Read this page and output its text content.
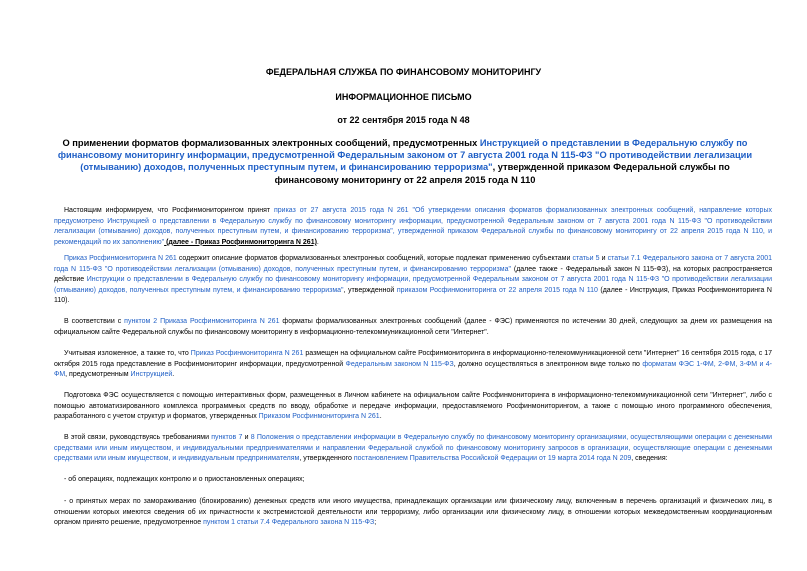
ФЕДЕРАЛЬНАЯ СЛУЖБА ПО ФИНАНСОВОМУ МОНИТОРИНГУ
ИНФОРМАЦИОННОЕ ПИСЬМО
от 22 сентября 2015 года N 48
О применении форматов формализованных электронных сообщений, предусмотренных Инструкцией о представлении в Федеральную службу по финансовому мониторингу информации, предусмотренной Федеральным законом от 7 августа 2001 года N 115-ФЗ "О противодействии легализации (отмыванию) доходов, полученных преступным путем, и финансированию терроризма", утвержденной приказом Федеральной службы по финансовому мониторингу от 22 апреля 2015 года N 110
Настоящим информируем, что Росфинмониторингом принят приказ от 27 августа 2015 года N 261 "Об утверждении описания форматов формализованных электронных сообщений, направление которых предусмотрено Инструкцией о представлении в Федеральную службу по финансовому мониторингу информации, предусмотренной Федеральным законом от 7 августа 2001 года N 115-ФЗ "О противодействии легализации (отмыванию) доходов, полученных преступным путем, и финансированию терроризма", утвержденной приказом Федеральной службы по финансовому мониторингу от 22 апреля 2015 года N 110, и рекомендаций по их заполнению" (далее - Приказ Росфинмониторинга N 261).
Приказ Росфинмониторинга N 261 содержит описание форматов формализованных электронных сообщений, которые подлежат применению субъектами статьи 5 и статьи 7.1 Федерального закона от 7 августа 2001 года N 115-ФЗ "О противодействии легализации (отмыванию) доходов, полученных преступным путем, и финансированию терроризма" (далее также - Федеральный закон N 115-ФЗ), на которых распространяется действие Инструкции о представлении в Федеральную службу по финансовому мониторингу информации, предусмотренной Федеральным законом от 7 августа 2001 года N 115-ФЗ "О противодействии легализации (отмыванию) доходов, полученных преступным путем, и финансированию терроризма", утвержденной приказом Росфинмониторинга от 22 апреля 2015 года N 110 (далее - Инструкция, Приказ Росфинмониторинга N 110).
В соответствии с пунктом 2 Приказа Росфинмониторинга N 261 форматы формализованных электронных сообщений (далее - ФЭС) применяются по истечении 30 дней, следующих за днем их размещения на официальном сайте Федеральной службы по финансовому мониторингу в информационно-телекоммуникационной сети "Интернет".
Учитывая изложенное, а также то, что Приказ Росфинмониторинга N 261 размещен на официальном сайте Росфинмониторинга в информационно-телекоммуникационной сети "Интернет" 16 сентября 2015 года, с 17 октября 2015 года представление в Росфинмониторинг информации, предусмотренной Федеральным законом N 115-ФЗ, должно осуществляться в электронном виде только по форматам ФЭС 1-ФМ, 2-ФМ, 3-ФМ и 4-ФМ, предусмотренным Инструкцией.
Подготовка ФЭС осуществляется с помощью интерактивных форм, размещенных в Личном кабинете на официальном сайте Росфинмониторинга в информационно-телекоммуникационной сети "Интернет", либо с помощью автоматизированного комплекса программных средств по вводу, обработке и передаче информации, предоставляемого Росфинмониторингом, а также с помощью иного программного обеспечения, разработанного с учетом структур и форматов, утвержденных Приказом Росфинмониторинга N 261.
В этой связи, руководствуясь требованиями пунктов 7 и 8 Положения о представлении информации в Федеральную службу по финансовому мониторингу организациями, осуществляющими операции с денежными средствами или иным имуществом, и индивидуальными предпринимателями и направлении Федеральной службой по финансовому мониторингу запросов в организации, осуществляющие операции с денежными средствами или иным имуществом, и индивидуальным предпринимателям, утвержденного постановлением Правительства Российской Федерации от 19 марта 2014 года N 209, сведения:
- об операциях, подлежащих контролю и о приостановленных операциях;
- о принятых мерах по замораживанию (блокированию) денежных средств или иного имущества, принадлежащих организации или физическому лицу, включенным в перечень организаций и физических лиц, в отношении которых имеются сведения об их причастности к экстремистской деятельности или терроризму, либо организации или физическому лицу, в отношении которых межведомственным координационным органом принято решение, предусмотренное пунктом 1 статьи 7.4 Федерального закона N 115-ФЗ;
